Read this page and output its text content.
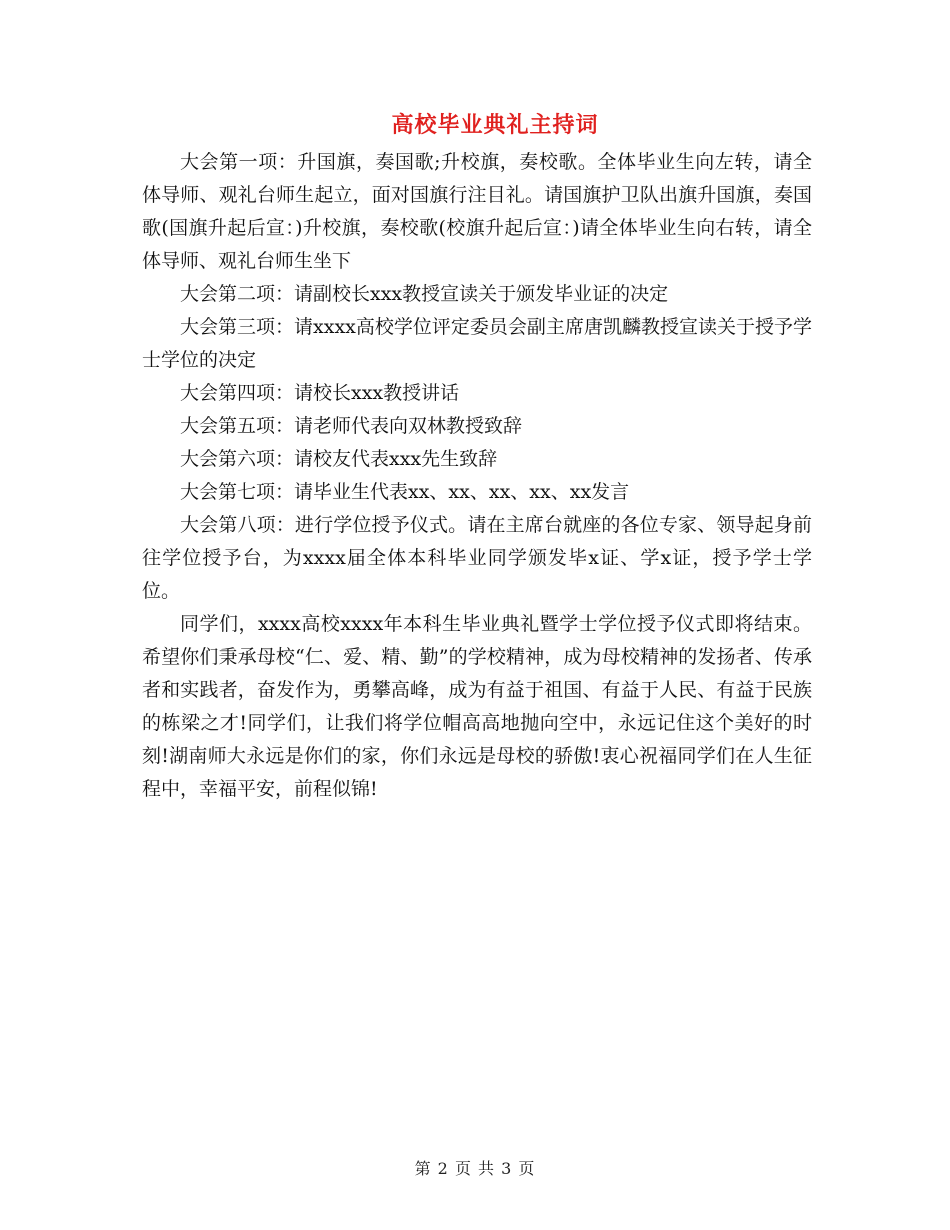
高校毕业典礼主持词

大会第一项：升国旗，奏国歌;升校旗，奏校歌。全体毕业生向左转，请全体导师、观礼台师生起立，面对国旗行注目礼。请国旗护卫队出旗升国旗，奏国歌(国旗升起后宣：)升校旗，奏校歌(校旗升起后宣：)请全体毕业生向右转，请全体导师、观礼台师生坐下

大会第二项：请副校长xxx教授宣读关于颁发毕业证的决定

大会第三项：请xxxx高校学位评定委员会副主席唐凯麟教授宣读关于授予学士学位的决定

大会第四项：请校长xxx教授讲话

大会第五项：请老师代表向双林教授致辞

大会第六项：请校友代表xxx先生致辞

大会第七项：请毕业生代表xx、xx、xx、xx、xx发言

大会第八项：进行学位授予仪式。请在主席台就座的各位专家、领导起身前往学位授予台，为xxxx届全体本科毕业同学颁发毕x证、学x证，授予学士学位。

同学们，xxxx高校xxxx年本科生毕业典礼暨学士学位授予仪式即将结束。希望你们秉承母校“仁、爱、精、勤”的学校精神，成为母校精神的发扬者、传承者和实践者，奋发作为，勇攀高峰，成为有益于祖国、有益于人民、有益于民族的栋梁之才!同学们，让我们将学位帽高高地抛向空中，永远记住这个美好的时刻!湖南师大永远是你们的家，你们永远是母校的骄傲!衷心祝福同学们在人生征程中，幸福平安，前程似锦!

第 2 页 共 3 页
